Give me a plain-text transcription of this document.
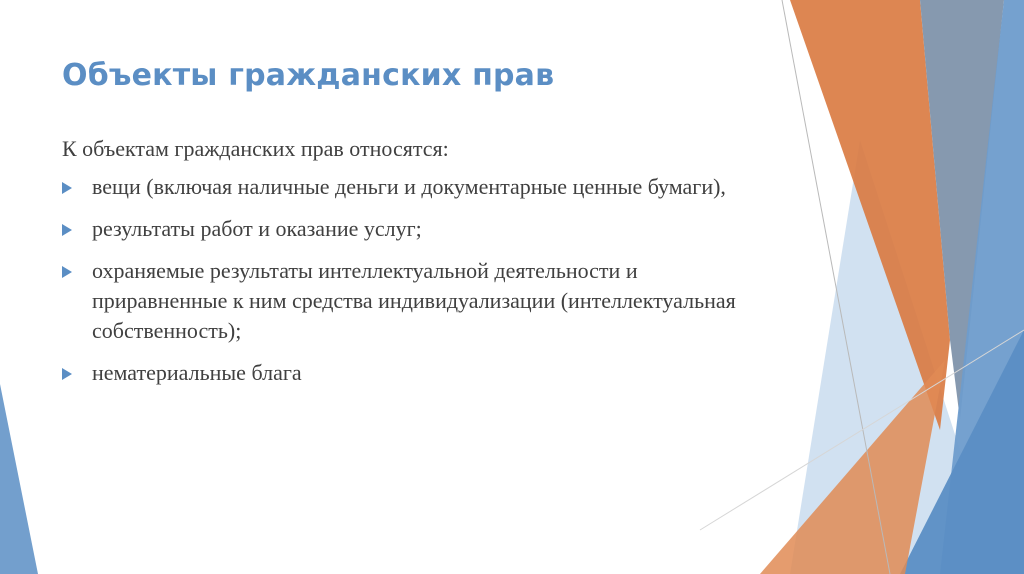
Объекты гражданских прав

К объектам гражданских прав относятся:

вещи (включая наличные деньги и документарные ценные бумаги),
результаты работ и оказание услуг;
охраняемые результаты интеллектуальной деятельности и приравненные к ним средства индивидуализации (интеллектуальная собственность);
нематериальные блага
